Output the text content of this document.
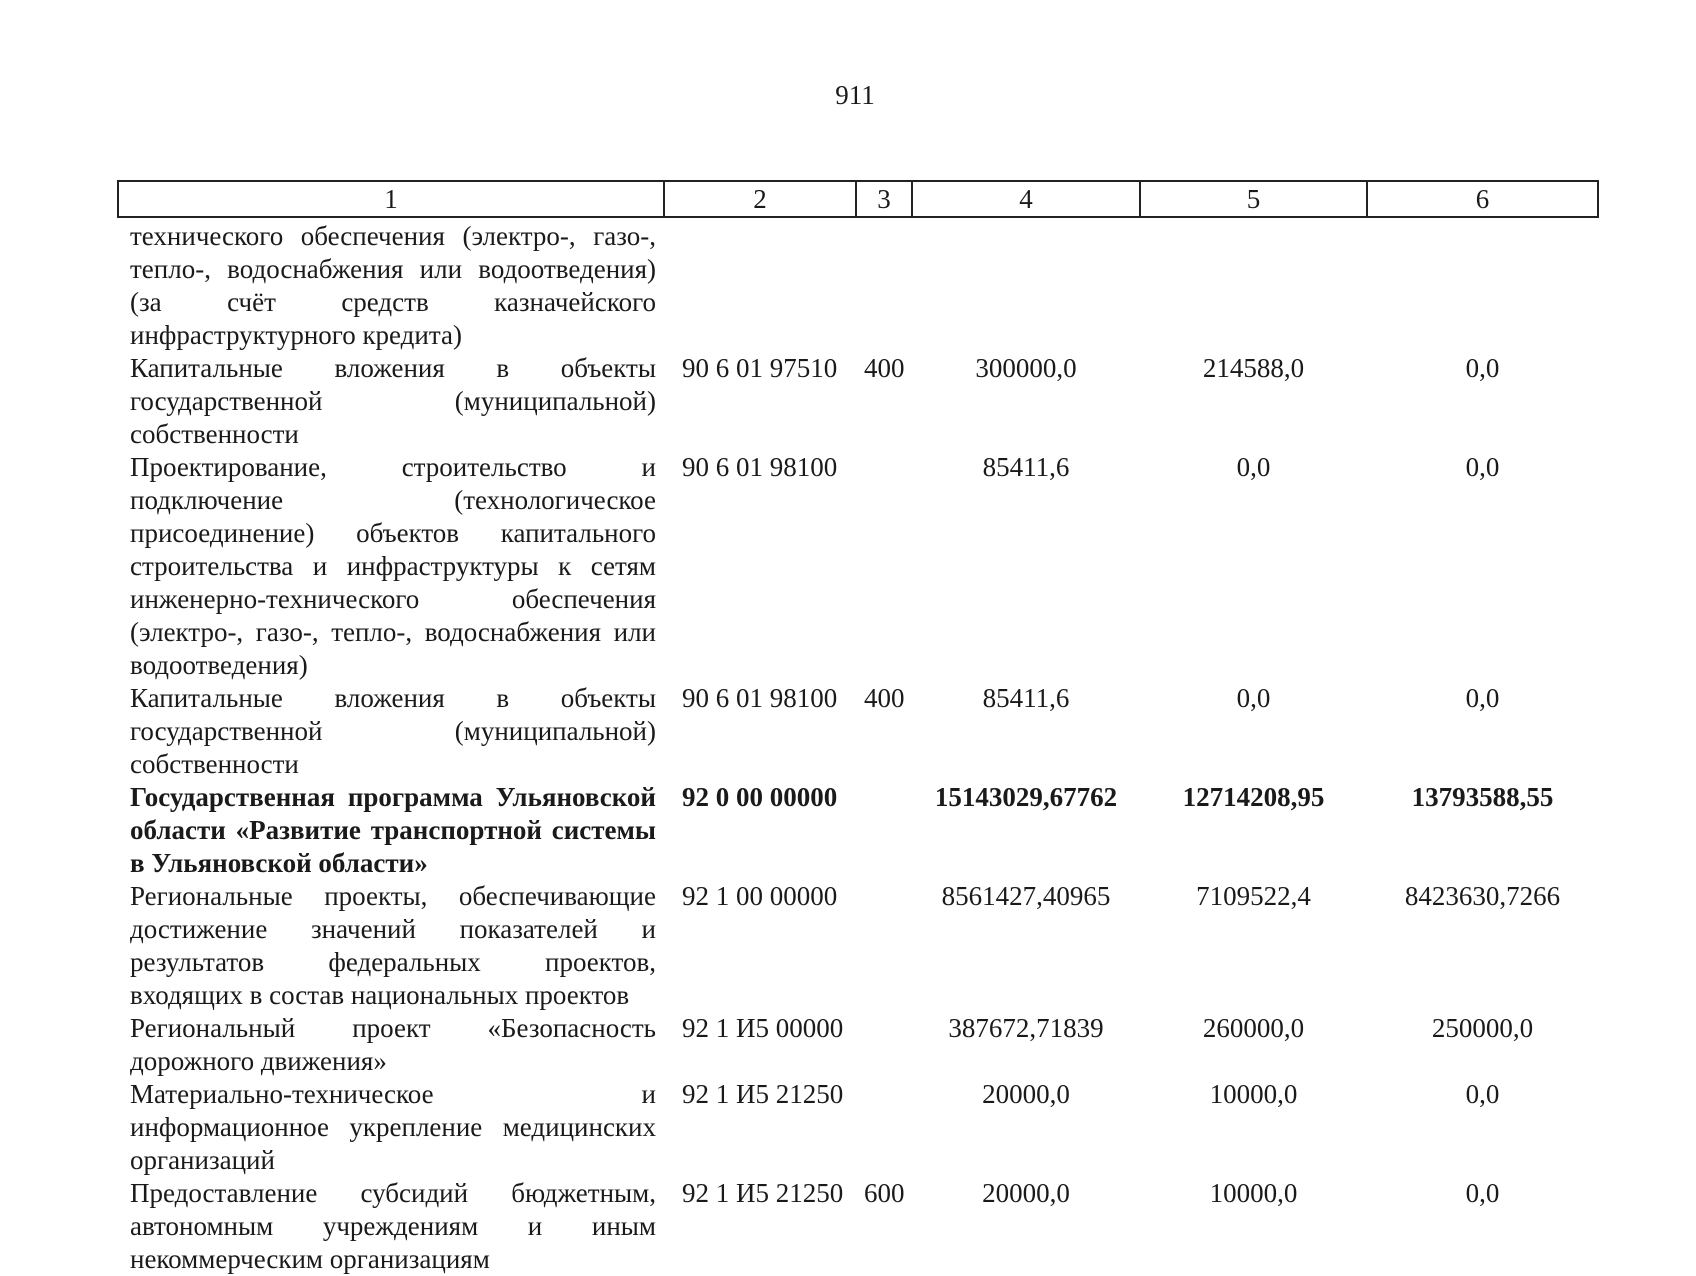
911
1	2	3	4	5	6
технического обеспечения (электро-, газо-, тепло-, водоснабжения или водоотведения) (за счёт средств казначейского инфраструктурного кредита)					
Капитальные вложения в объекты государственной (муниципальной) собственности	90 6 01 97510	400	300000,0	214588,0	0,0
Проектирование, строительство и подключение (технологическое присоединение) объектов капитального строительства и инфраструктуры к сетям инженерно-технического обеспечения (электро-, газо-, тепло-, водоснабжения или водоотведения)	90 6 01 98100		85411,6	0,0	0,0
Капитальные вложения в объекты государственной (муниципальной) собственности	90 6 01 98100	400	85411,6	0,0	0,0
Государственная программа Ульяновской области «Развитие транспортной системы в Ульяновской области»	92 0 00 00000		15143029,67762	12714208,95	13793588,55
Региональные проекты, обеспечивающие достижение значений показателей и результатов федеральных проектов, входящих в состав национальных проектов	92 1 00 00000		8561427,40965	7109522,4	8423630,7266
Региональный проект «Безопасность дорожного движения»	92 1 И5 00000		387672,71839	260000,0	250000,0
Материально-техническое и информационное укрепление медицинских организаций	92 1 И5 21250		20000,0	10000,0	0,0
Предоставление субсидий бюджетным, автономным учреждениям и иным некоммерческим организациям	92 1 И5 21250	600	20000,0	10000,0	0,0
